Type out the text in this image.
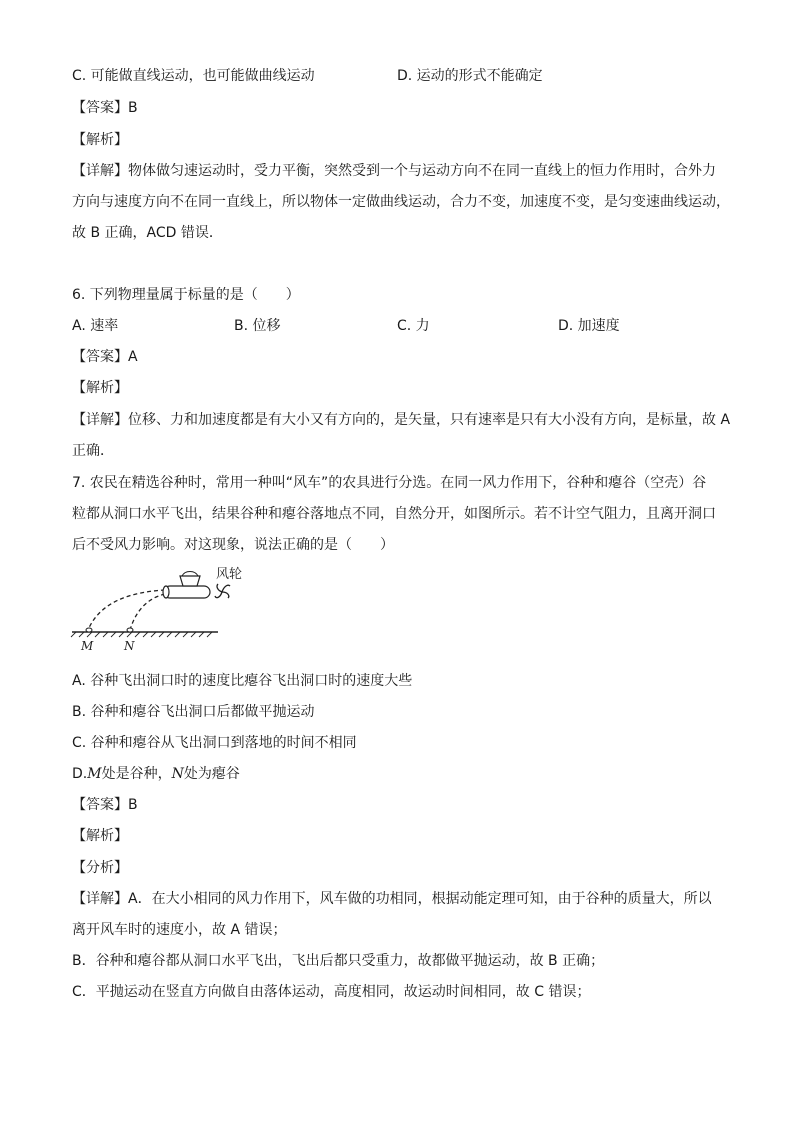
C. 可能做直线运动，也可能做曲线运动	D. 运动的形式不能确定
【答案】B
【解析】
【详解】物体做匀速运动时，受力平衡，突然受到一个与运动方向不在同一直线上的恒力作用时，合外力
方向与速度方向不在同一直线上，所以物体一定做曲线运动，合力不变，加速度不变，是匀变速曲线运动，
故 B 正确，ACD 错误．
6. 下列物理量属于标量的是（　　）
A. 速率	B. 位移	C. 力	D. 加速度
【答案】A
【解析】
【详解】位移、力和加速度都是有大小又有方向的，是矢量，只有速率是只有大小没有方向，是标量，故 A
正确．
7. 农民在精选谷种时，常用一种叫“风车”的农具进行分选。在同一风力作用下，谷种和瘪谷（空壳）谷
粒都从洞口水平飞出，结果谷种和瘪谷落地点不同，自然分开，如图所示。若不计空气阻力，且离开洞口
后不受风力影响。对这现象，说法正确的是（　　）
风轮
M	N
A. 谷种飞出洞口时的速度比瘪谷飞出洞口时的速度大些
B. 谷种和瘪谷飞出洞口后都做平抛运动
C. 谷种和瘪谷从飞出洞口到落地的时间不相同
D.M处是谷种，N处为瘪谷
【答案】B
【解析】
【分析】
【详解】A．在大小相同的风力作用下，风车做的功相同，根据动能定理可知，由于谷种的质量大，所以
离开风车时的速度小，故 A 错误；
B．谷种和瘪谷都从洞口水平飞出，飞出后都只受重力，故都做平抛运动，故 B 正确；
C．平抛运动在竖直方向做自由落体运动，高度相同，故运动时间相同，故 C 错误；
